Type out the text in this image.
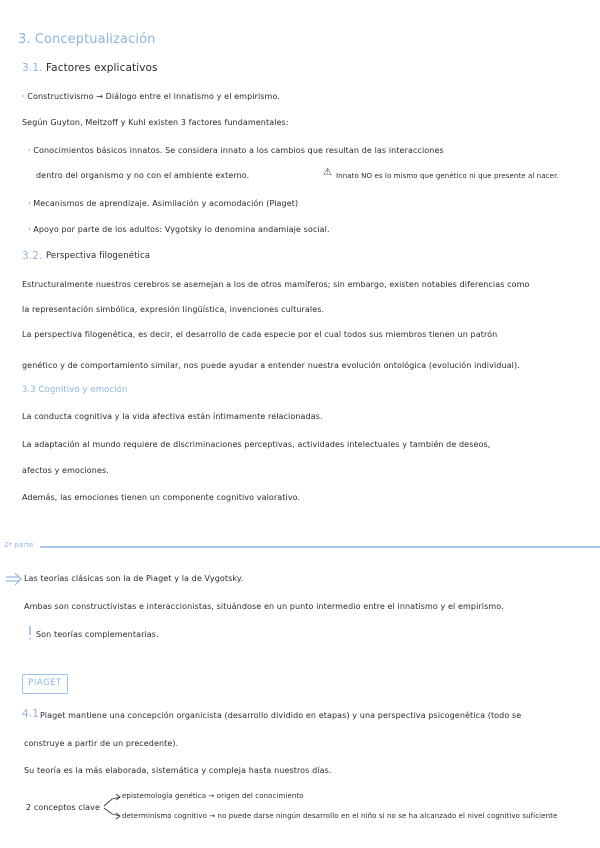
3. Conceptualización
3.1. Factores explicativos
· Constructivismo → Diálogo entre el innatismo y el empirismo.
Según Guyton, Meltzoff y Kuhl existen 3 factores fundamentales:
· Conocimientos básicos innatos. Se considera innato a los cambios que resultan de las interacciones
dentro del organismo y no con el ambiente externo.	⚠ Innato NO es lo mismo que genético ni que presente al nacer.
· Mecanismos de aprendizaje. Asimilación y acomodación (Piaget)
· Apoyo por parte de los adultos: Vygotsky lo denomina andamiaje social.
3.2. Perspectiva filogenética
Estructuralmente nuestros cerebros se asemejan a los de otros mamíferos; sin embargo, existen notables diferencias como
la representación simbólica, expresión lingüística, invenciones culturales.
La perspectiva filogenética, es decir, el desarrollo de cada especie por el cual todos sus miembros tienen un patrón
genético y de comportamiento similar, nos puede ayudar a entender nuestra evolución ontológica (evolución individual).
3.3 Cognitivo y emoción
La conducta cognitiva y la vida afectiva están íntimamente relacionadas.
La adaptación al mundo requiere de discriminaciones perceptivas, actividades intelectuales y también de deseos,
afectos y emociones.
Además, las emociones tienen un componente cognitivo valorativo.
2ª parte
Las teorías clásicas son la de Piaget y la de Vygotsky.
Ambas son constructivistas e interaccionistas, situándose en un punto intermedio entre el innatismo y el empirismo.
Son teorías complementarias.
PIAGET
4.1 Piaget mantiene una concepción organicista (desarrollo dividido en etapas) y una perspectiva psicogenética (todo se
construye a partir de un precedente).
Su teoría es la más elaborada, sistemática y compleja hasta nuestros días.
2 conceptos clave
epistemología genética → origen del conocimiento
determinismo cognitivo → no puede darse ningún desarrollo en el niño si no se ha alcanzado el nivel cognitivo suficiente
